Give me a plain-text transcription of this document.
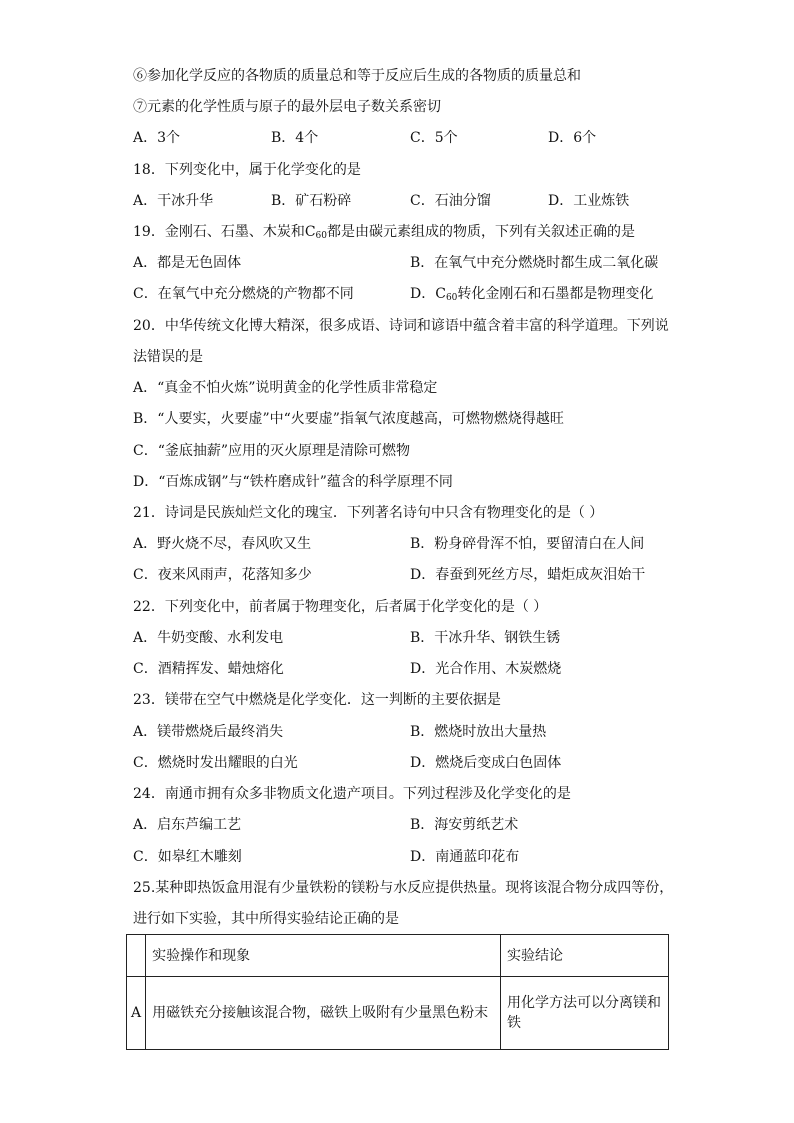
⑥参加化学反应的各物质的质量总和等于反应后生成的各物质的质量总和
⑦元素的化学性质与原子的最外层电子数关系密切
A．3个	B．4个	C．5个	D．6个
18．下列变化中，属于化学变化的是
A．干冰升华	B．矿石粉碎	C．石油分馏	D．工业炼铁
19．金刚石、石墨、木炭和$C_{60}$都是由碳元素组成的物质，下列有关叙述正确的是
A．都是无色固体	B．在氧气中充分燃烧时都生成二氧化碳
C．在氧气中充分燃烧的产物都不同	D．$C_{60}$转化金刚石和石墨都是物理变化
20．中华传统文化博大精深，很多成语、诗词和谚语中蕴含着丰富的科学道理。下列说
法错误的是
A．“真金不怕火炼”说明黄金的化学性质非常稳定
B．“人要实，火要虚”中“火要虚”指氧气浓度越高，可燃物燃烧得越旺
C．“釜底抽薪”应用的灭火原理是清除可燃物
D．“百炼成钢”与“铁杵磨成针”蕴含的科学原理不同
21．诗词是民族灿烂文化的瑰宝．下列著名诗句中只含有物理变化的是（ ）
A．野火烧不尽，春风吹又生	B．粉身碎骨浑不怕，要留清白在人间
C．夜来风雨声，花落知多少	D．春蚕到死丝方尽，蜡炬成灰泪始干
22．下列变化中，前者属于物理变化，后者属于化学变化的是（ ）
A．牛奶变酸、水利发电	B．干冰升华、钢铁生锈
C．酒精挥发、蜡烛熔化	D．光合作用、木炭燃烧
23．镁带在空气中燃烧是化学变化．这一判断的主要依据是
A．镁带燃烧后最终消失	B．燃烧时放出大量热
C．燃烧时发出耀眼的白光	D．燃烧后变成白色固体
24．南通市拥有众多非物质文化遗产项目。下列过程涉及化学变化的是
A．启东芦编工艺	B．海安剪纸艺术
C．如皋红木雕刻	D．南通蓝印花布
25.某种即热饭盒用混有少量铁粉的镁粉与水反应提供热量。现将该混合物分成四等份，
进行如下实验，其中所得实验结论正确的是
	实验操作和现象	实验结论
A	用磁铁充分接触该混合物，磁铁上吸附有少量黑色粉末	用化学方法可以分离镁和铁
